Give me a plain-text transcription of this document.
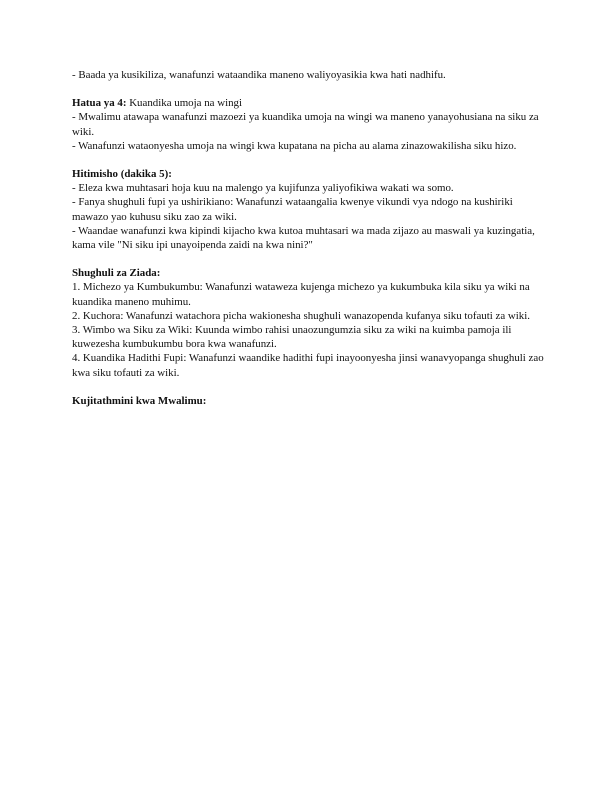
- Baada ya kusikiliza, wanafunzi wataandika maneno waliyoyasikia kwa hati nadhifu.

Hatua ya 4: Kuandika umoja na wingi

- Mwalimu atawapa wanafunzi mazoezi ya kuandika umoja na wingi wa maneno yanayohusiana na siku za wiki.

- Wanafunzi wataonyesha umoja na wingi kwa kupatana na picha au alama zinazowakilisha siku hizo.

Hitimisho (dakika 5):

- Eleza kwa muhtasari hoja kuu na malengo ya kujifunza yaliyofikiwa wakati wa somo.

- Fanya shughuli fupi ya ushirikiano: Wanafunzi wataangalia kwenye vikundi vya ndogo na kushiriki mawazo yao kuhusu siku zao za wiki.

- Waandae wanafunzi kwa kipindi kijacho kwa kutoa muhtasari wa mada zijazo au maswali ya kuzingatia, kama vile "Ni siku ipi unayoipenda zaidi na kwa nini?"

Shughuli za Ziada:

1. Michezo ya Kumbukumbu: Wanafunzi wataweza kujenga michezo ya kukumbuka kila siku ya wiki na kuandika maneno muhimu.

2. Kuchora: Wanafunzi watachora picha wakionesha shughuli wanazopenda kufanya siku tofauti za wiki.

3. Wimbo wa Siku za Wiki: Kuunda wimbo rahisi unaozungumzia siku za wiki na kuimba pamoja ili kuwezesha kumbukumbu bora kwa wanafunzi.

4. Kuandika Hadithi Fupi: Wanafunzi waandike hadithi fupi inayoonyesha jinsi wanavyopanga shughuli zao kwa siku tofauti za wiki.

Kujitathmini kwa Mwalimu:
